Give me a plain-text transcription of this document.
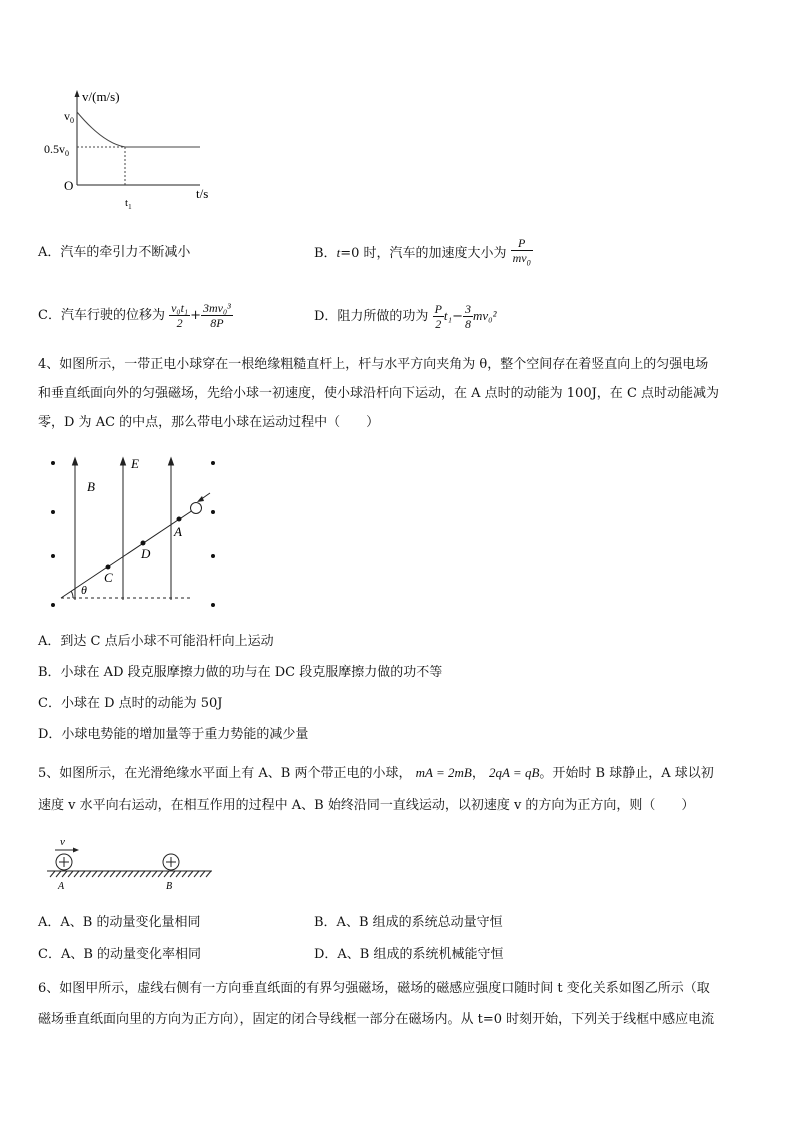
v/(m/s)
$v_0$
$0.5v_0$
O
t/s
$t_1$
A．汽车的牵引力不断减小	B．t=0 时，汽车的加速度大小为 $\frac{P}{mv_0}$
C．汽车行驶的位移为 $\frac{\text{v₀t₁}}{2} + \frac{\text{3mv₀³}}{8P}$	D．阻力所做的功为 $\frac{P}{2} t_1- \frac{3}{8} mv_0^2$
4、如图所示，一带正电小球穿在一根绝缘粗糙直杆上，杆与水平方向夹角为 θ，整个空间存在着竖直向上的匀强电场
和垂直纸面向外的匀强磁场，先给小球一初速度，使小球沿杆向下运动，在 A 点时的动能为 100J，在 C 点时动能减为
零，D 为 AC 的中点，那么带电小球在运动过程中（　　）
E
B
A
D
C
θ
A．到达 C 点后小球不可能沿杆向上运动
B．小球在 AD 段克服摩擦力做的功与在 DC 段克服摩擦力做的功不等
C．小球在 D 点时的动能为 50J
D．小球电势能的增加量等于重力势能的减少量
5、如图所示，在光滑绝缘水平面上有 A、B 两个带正电的小球， mA = 2mB， 2qA = qB。开始时 B 球静止，A 球以初
速度 v 水平向右运动，在相互作用的过程中 A、B 始终沿同一直线运动，以初速度 v 的方向为正方向，则（　　）
v
A	B
A．A、B 的动量变化量相同	B．A、B 组成的系统总动量守恒
C．A、B 的动量变化率相同	D．A、B 组成的系统机械能守恒
6、如图甲所示，虚线右侧有一方向垂直纸面的有界匀强磁场，磁场的磁感应强度口随时间 t 变化关系如图乙所示（取
磁场垂直纸面向里的方向为正方向），固定的闭合导线框一部分在磁场内。从 t=0 时刻开始，下列关于线框中感应电流
